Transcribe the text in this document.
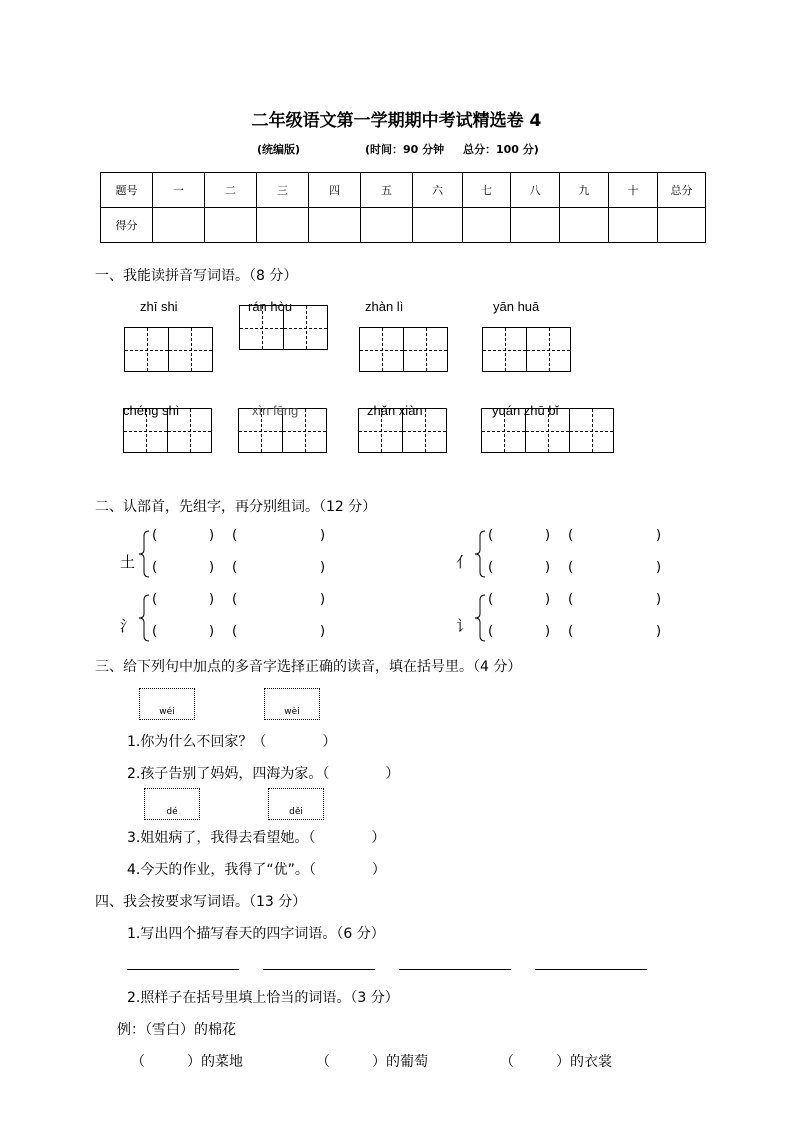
二年级语文第一学期期中考试精选卷 4
(统编版)	(时间：90 分钟 总分：100 分)
题号	一	二	三	四	五	六	七	八	九	十	总分
得分											
一、我能读拼音写词语。（8 分）
zhī shi	rán hòu	zhàn lì	yān huā
chéng shì	xìn fēng	zhǎn xiàn	yuán zhū bǐ
二、认部首，先组字，再分别组词。（12 分）
土
(	) (	)
(	) (	)	亻
(	) (	)
(	) (	)
氵
(	) (	)
(	) (	)	讠
(	) (	)
(	) (	)
三、给下列句中加点的多音字选择正确的读音，填在括号里。（4 分）
wéi	wèi
1.你为什么不回家？（　　　　）
2.孩子告别了妈妈，四海为家。（　　　　）
dé	děi
3.姐姐病了，我得去看望她。（　　　　）
4.今天的作业，我得了“优”。（　　　　）
四、我会按要求写词语。（13 分）
1.写出四个描写春天的四字词语。（6 分）
2.照样子在括号里填上恰当的词语。（3 分）
例：（雪白）的棉花
（　　　）的菜地	（　　　）的葡萄	（　　　）的衣裳
